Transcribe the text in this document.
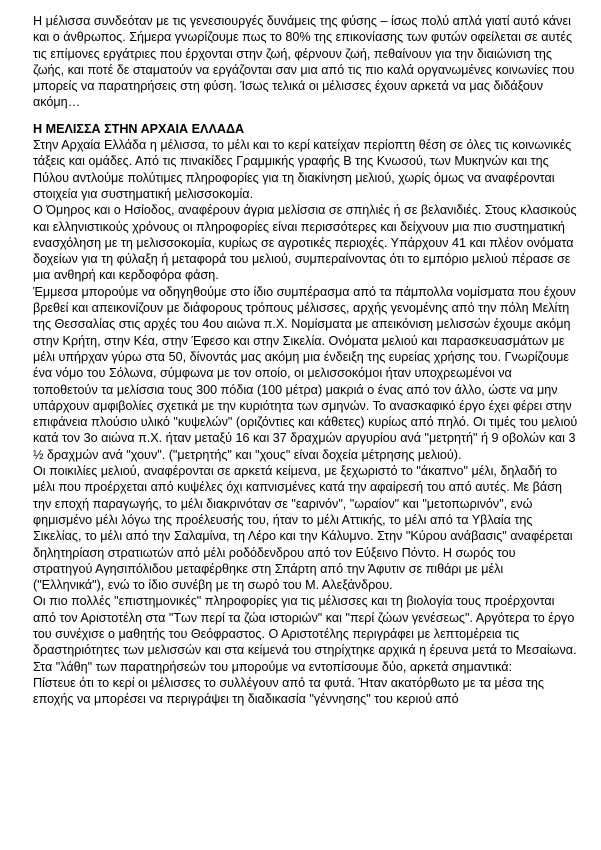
Η μέλισσα συνδεόταν με τις γενεσιουργές δυνάμεις της φύσης – ίσως πολύ απλά γιατί αυτό κάνει και ο άνθρωπος. Σήμερα γνωρίζουμε πως το 80% της επικονίασης των φυτών οφείλεται σε αυτές τις επίμονες εργάτριες που έρχονται στην ζωή, φέρνουν ζωή, πεθαίνουν για την διαιώνιση της ζωής, και ποτέ δε σταματούν να εργάζονται σαν μια από τις πιο καλά οργανωμένες κοινωνίες που μπορείς να παρατηρήσεις στη φύση. Ίσως τελικά οι μέλισσες έχουν αρκετά να μας διδάξουν ακόμη…

Η ΜΕΛΙΣΣΑ ΣΤΗΝ ΑΡΧΑΙΑ ΕΛΛΑΔΑ

Στην Αρχαία Ελλάδα η μέλισσα, το μέλι και το κερί κατείχαν περίοπτη θέση σε όλες τις κοινωνικές τάξεις και ομάδες. Από τις πινακίδες Γραμμικής γραφής Β της Κνωσού, των Μυκηνών και της Πύλου αντλούμε πολύτιμες πληροφορίες για τη διακίνηση μελιού, χωρίς όμως να αναφέρονται στοιχεία για συστηματική μελισσοκομία.

Ο Όμηρος και ο Ησίοδος, αναφέρουν άγρια μελίσσια σε σπηλιές ή σε βελανιδιές. Στους κλασικούς και ελληνιστικούς χρόνους οι πληροφορίες είναι περισσότερες και δείχνουν μια πιο συστηματική ενασχόληση με τη μελισσοκομία, κυρίως σε αγροτικές περιοχές. Υπάρχουν 41 και πλέον ονόματα δοχείων για τη φύλαξη ή μεταφορά του μελιού, συμπεραίνοντας ότι το εμπόριο μελιού πέρασε σε μια ανθηρή και κερδοφόρα φάση.

Έμμεσα μπορούμε να οδηγηθούμε στο ίδιο συμπέρασμα από τα πάμπολλα νομίσματα που έχουν βρεθεί και απεικονίζουν με διάφορους τρόπους μέλισσες, αρχής γενομένης από την πόλη Μελίτη της Θεσσαλίας στις αρχές του 4ου αιώνα π.Χ. Νομίσματα με απεικόνιση μελισσών έχουμε ακόμη στην Κρήτη, στην Κέα, στην Έφεσο και στην Σικελία. Ονόματα μελιού και παρασκευασμάτων με μέλι υπήρχαν γύρω στα 50, δίνοντάς μας ακόμη μια ένδειξη της ευρείας χρήσης του. Γνωρίζουμε ένα νόμο του Σόλωνα, σύμφωνα με τον οποίο, οι μελισσοκόμοι ήταν υποχρεωμένοι να τοποθετούν τα μελίσσια τους 300 πόδια (100 μέτρα) μακριά ο ένας από τον άλλο, ώστε να μην υπάρχουν αμφιβολίες σχετικά με την κυριότητα των σμηνών. Το ανασκαφικό έργο έχει φέρει στην επιφάνεια πλούσιο υλικό "κυψελών" (οριζόντιες και κάθετες) κυρίως από πηλό. Οι τιμές του μελιού κατά τον 3ο αιώνα π.Χ. ήταν μεταξύ 16 και 37 δραχμών αργυρίου ανά "μετρητή" ή 9 οβολών και 3 ½ δραχμών ανά "χουν". ("μετρητής" και "χους" είναι δοχεία μέτρησης μελιού).

Οι ποικιλίες μελιού, αναφέρονται σε αρκετά κείμενα, με ξεχωριστό το "άκαπνο" μέλι, δηλαδή το μέλι που προέρχεται από κυψέλες όχι καπνισμένες κατά την αφαίρεσή του από αυτές. Με βάση την εποχή παραγωγής, το μέλι διακρινόταν σε "εαρινόν", "ωραίον" και "μετοπωρινόν", ενώ φημισμένο μέλι λόγω της προέλευσής του, ήταν το μέλι Αττικής, το μέλι από τα Υβλαία της Σικελίας, το μέλι από την Σαλαμίνα, τη Λέρο και την Κάλυμνο. Στην "Κύρου ανάβασις" αναφέρεται δηλητηρίαση στρατιωτών από μέλι ροδόδενδρου από τον Εύξεινο Πόντο. Η σωρός του στρατηγού Αγησιπόλιδου μεταφέρθηκε στη Σπάρτη από την Άφυτιν σε πιθάρι με μέλι ("Ελληνικά"), ενώ το ίδιο συνέβη με τη σωρό του Μ. Αλεξάνδρου.

Οι πιο πολλές "επιστημονικές" πληροφορίες για τις μέλισσες και τη βιολογία τους προέρχονται από τον Αριστοτέλη στα "Των περί τα ζώα ιστοριών" και "περί ζώων γενέσεως". Αργότερα το έργο του συνέχισε ο μαθητής του Θεόφραστος. Ο Αριστοτέλης περιγράφει με λεπτομέρεια τις δραστηριότητες των μελισσών και στα κείμενά του στηρίχτηκε αρχικά η έρευνα μετά το Μεσαίωνα. Στα "λάθη" των παρατηρήσεών του μπορούμε να εντοπίσουμε δύο, αρκετά σημαντικά:

Πίστευε ότι το κερί οι μέλισσες το συλλέγουν από τα φυτά. Ήταν ακατόρθωτο με τα μέσα της εποχής να μπορέσει να περιγράψει τη διαδικασία "γέννησης" του κεριού από
